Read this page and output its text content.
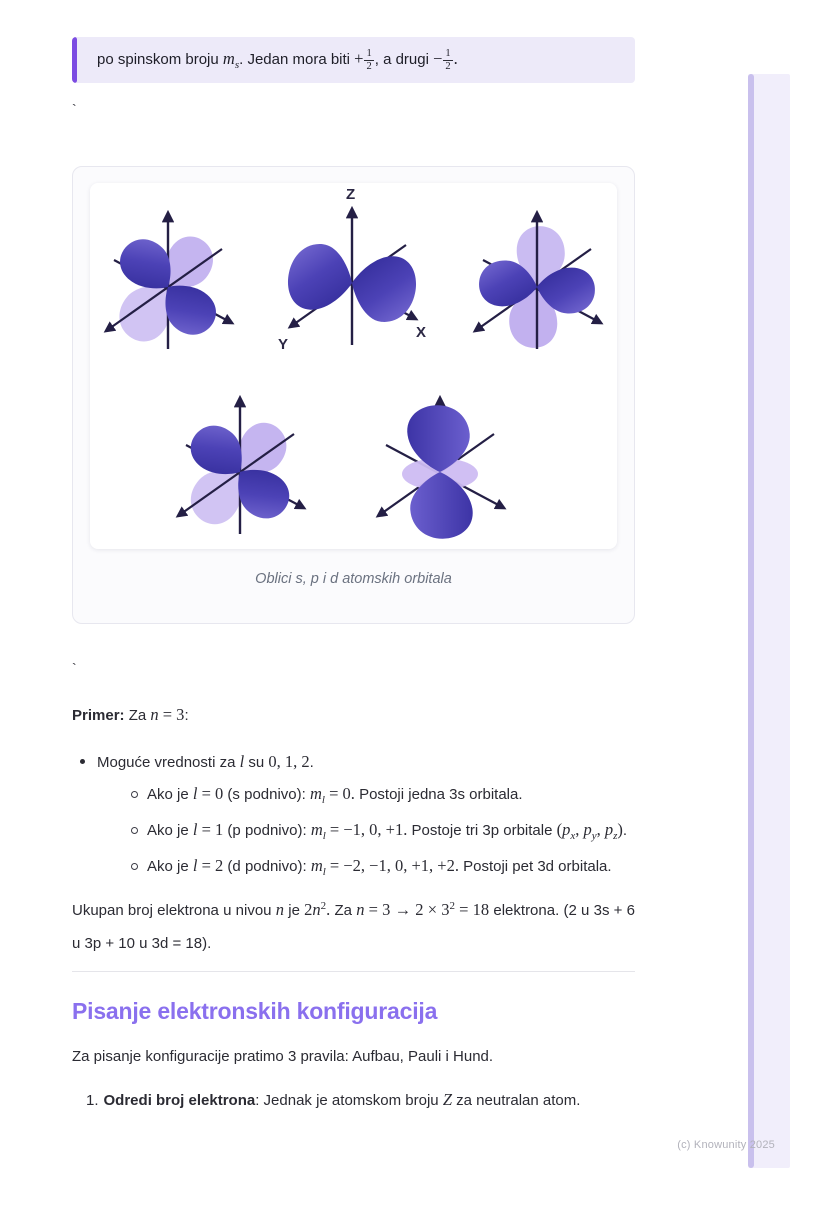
(c) Knowunity 2025
po spinskom broju $m_s$. Jedan mora biti + $\frac{1}{2}$ , a drugi − $\frac{1}{2}$ .
`
Z
X
Y
Oblici s, p i d atomskih orbitala
`

Primer: Za n = 3:

Moguće vrednosti za l su 0, 1, 2.
Ako je l = 0 (s podnivo): $m_l = 0$. Postoji jedna 3s orbitala.
Ako je l = 1 (p podnivo): $m_l = -1$, 0, +1. Postoje tri 3p orbitale ($p_x$, $p_y$, $p_z$).
Ako je l = 2 (d podnivo): $m_l = -2$, −1, 0, +1, +2. Postoji pet 3d orbitala.

Ukupan broj elektrona u nivou n je $2n^2$. Za $n = 3 \to 2 \times 3^2 = 18$ elektrona. (2 u 3s + 6 u 3p + 10 u 3d = 18).

Pisanje elektronskih konfiguracija

Za pisanje konfiguracije pratimo 3 pravila: Aufbau, Pauli i Hund.

1. Odredi broj elektrona: Jednak je atomskom broju Z za neutralan atom.
